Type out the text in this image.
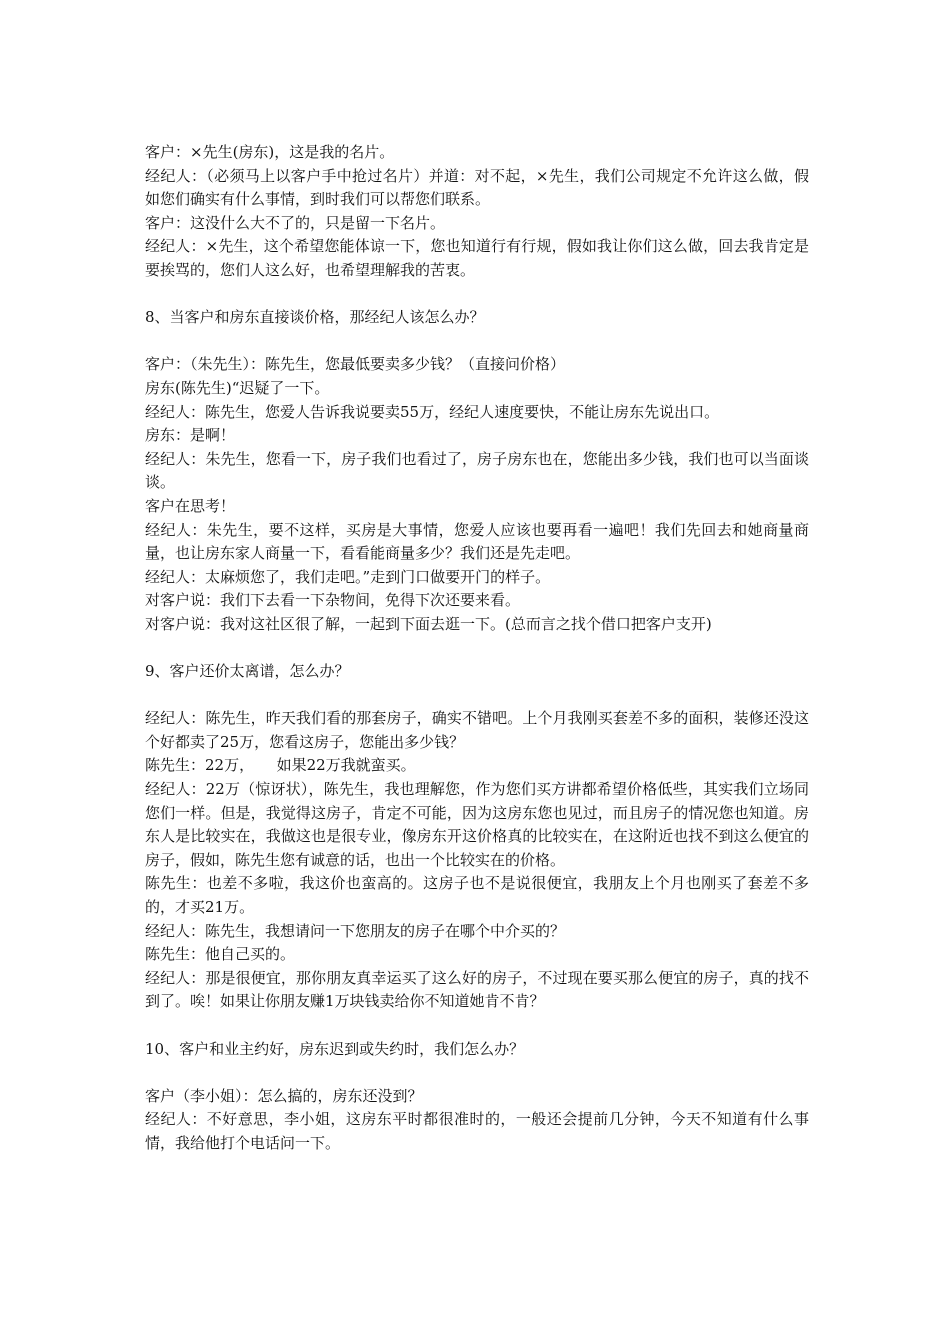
客户：×先生(房东)，这是我的名片。

经纪人：（必须马上以客户手中抢过名片）并道：对不起，×先生，我们公司规定不允许这么做，假如您们确实有什么事情，到时我们可以帮您们联系。

客户：这没什么大不了的，只是留一下名片。

经纪人：×先生，这个希望您能体谅一下，您也知道行有行规，假如我让你们这么做，回去我肯定是要挨骂的，您们人这么好，也希望理解我的苦衷。

8、当客户和房东直接谈价格，那经纪人该怎么办？

客户：（朱先生）：陈先生，您最低要卖多少钱？（直接问价格）

房东(陈先生)“迟疑了一下。

经纪人：陈先生，您爱人告诉我说要卖55万，经纪人速度要快，不能让房东先说出口。

房东：是啊！

经纪人：朱先生，您看一下，房子我们也看过了，房子房东也在，您能出多少钱，我们也可以当面谈谈。

客户在思考！

经纪人：朱先生，要不这样，买房是大事情，您爱人应该也要再看一遍吧！我们先回去和她商量商量，也让房东家人商量一下，看看能商量多少？我们还是先走吧。

经纪人：太麻烦您了，我们走吧。”走到门口做要开门的样子。

对客户说：我们下去看一下杂物间，免得下次还要来看。

对客户说：我对这社区很了解，一起到下面去逛一下。(总而言之找个借口把客户支开)

9、客户还价太离谱，怎么办？

经纪人：陈先生，昨天我们看的那套房子，确实不错吧。上个月我刚买套差不多的面积，装修还没这个好都卖了25万，您看这房子，您能出多少钱？

陈先生：22万，　　如果22万我就蛮买。

经纪人：22万（惊讶状），陈先生，我也理解您，作为您们买方讲都希望价格低些，其实我们立场同您们一样。但是，我觉得这房子，肯定不可能，因为这房东您也见过，而且房子的情况您也知道。房东人是比较实在，我做这也是很专业，像房东开这价格真的比较实在，在这附近也找不到这么便宜的房子，假如，陈先生您有诚意的话，也出一个比较实在的价格。

陈先生：也差不多啦，我这价也蛮高的。这房子也不是说很便宜，我朋友上个月也刚买了套差不多的，才买21万。

经纪人：陈先生，我想请问一下您朋友的房子在哪个中介买的？

陈先生：他自己买的。

经纪人：那是很便宜，那你朋友真幸运买了这么好的房子，不过现在要买那么便宜的房子，真的找不到了。唉！如果让你朋友赚1万块钱卖给你不知道她肯不肯？

10、客户和业主约好，房东迟到或失约时，我们怎么办？

客户（李小姐）：怎么搞的，房东还没到？

经纪人：不好意思，李小姐，这房东平时都很准时的，一般还会提前几分钟，今天不知道有什么事情，我给他打个电话问一下。
